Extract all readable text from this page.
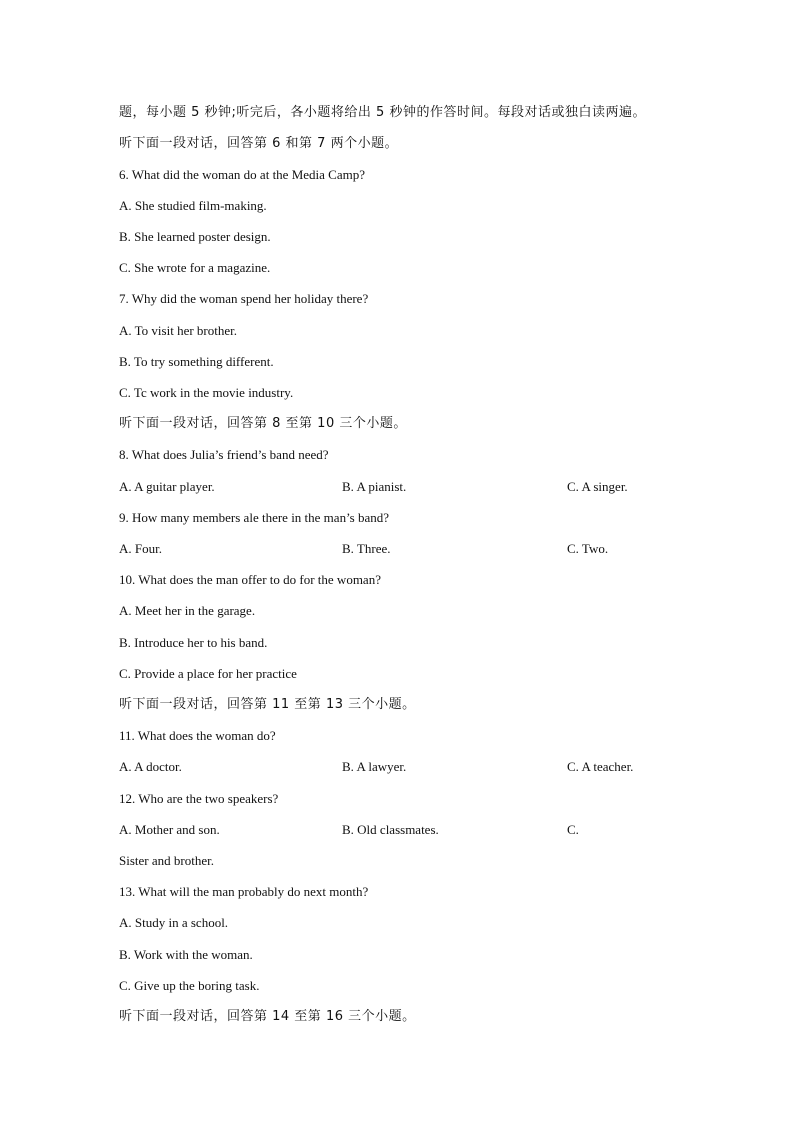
题，每小题 5 秒钟;听完后，各小题将给出 5 秒钟的作答时间。每段对话或独白读两遍。
听下面一段对话，回答第 6 和第 7 两个小题。
6. What did the woman do at the Media Camp?
A. She studied film-making.
B. She learned poster design.
C. She wrote for a magazine.
7. Why did the woman spend her holiday there?
A. To visit her brother.
B. To try something different.
C. Tc work in the movie industry.
听下面一段对话，回答第 8 至第 10 三个小题。
8. What does Julia’s friend’s band need?
A. A guitar player.	B. A pianist.	C. A singer.
9. How many members ale there in the man’s band?
A. Four.	B. Three.	C. Two.
10. What does the man offer to do for the woman?
A. Meet her in the garage.
B. Introduce her to his band.
C. Provide a place for her practice
听下面一段对话，回答第 11 至第 13 三个小题。
11. What does the woman do?
A. A doctor.	B. A lawyer.	C. A teacher.
12. Who are the two speakers?
A. Mother and son.	B. Old classmates.	C.
Sister and brother.
13. What will the man probably do next month?
A. Study in a school.
B. Work with the woman.
C. Give up the boring task.
听下面一段对话，回答第 14 至第 16 三个小题。
